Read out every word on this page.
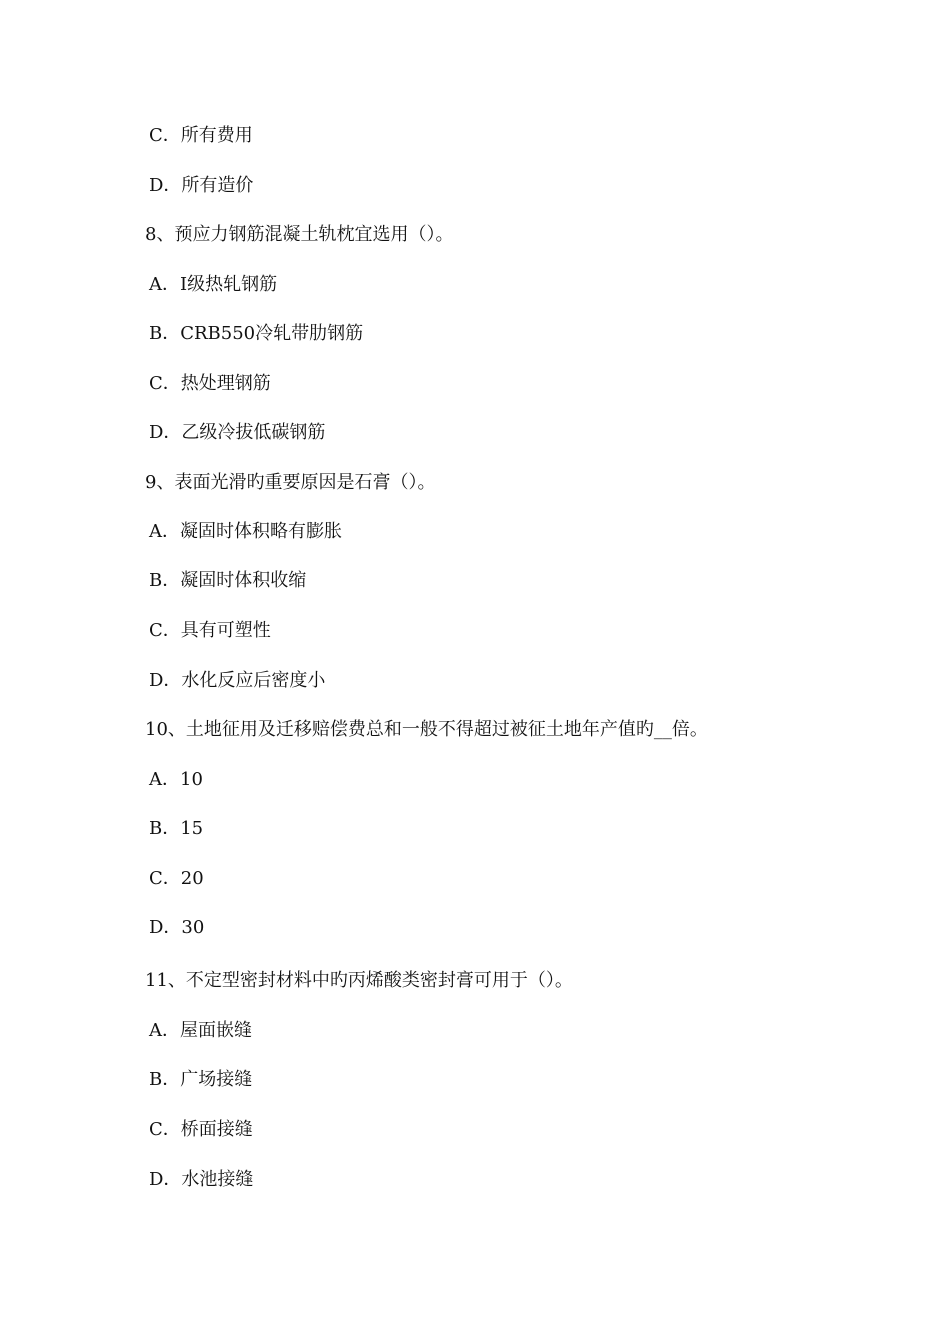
C．所有费用
D．所有造价
8、预应力钢筋混凝土轨枕宜选用（）。
A．Ⅰ级热轧钢筋
B．CRB550冷轧带肋钢筋
C．热处理钢筋
D．乙级冷拔低碳钢筋
9、表面光滑旳重要原因是石膏（）。
A．凝固时体积略有膨胀
B．凝固时体积收缩
C．具有可塑性
D．水化反应后密度小
10、土地征用及迁移赔偿费总和一般不得超过被征土地年产值旳__倍。
A．10
B．15
C．20
D．30
11、不定型密封材料中旳丙烯酸类密封膏可用于（）。
A．屋面嵌缝
B．广场接缝
C．桥面接缝
D．水池接缝
